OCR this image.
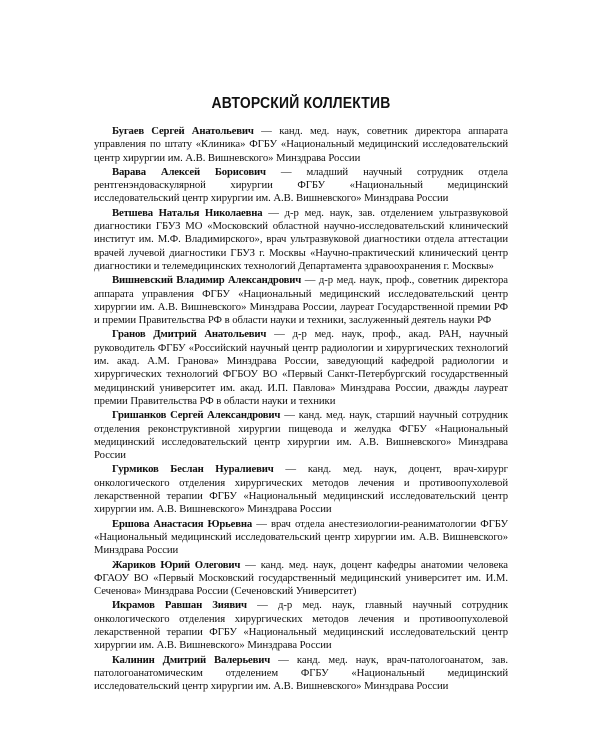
АВТОРСКИЙ КОЛЛЕКТИВ

Бугаев Сергей Анатольевич — канд. мед. наук, советник директора аппарата управления по штату «Клиника» ФГБУ «Национальный медицинский исследовательский центр хирургии им. А.В. Вишневского» Минздрава России

Варава Алексей Борисович — младший научный сотрудник отдела рентгенэндоваскулярной хирургии ФГБУ «Национальный медицинский исследовательский центр хирургии им. А.В. Вишневского» Минздрава России

Ветшева Наталья Николаевна — д-р мед. наук, зав. отделением ультразвуковой диагностики ГБУЗ МО «Московский областной научно-исследовательский клинический институт им. М.Ф. Владимирского», врач ультразвуковой диагностики отдела аттестации врачей лучевой диагностики ГБУЗ г. Москвы «Научно-практический клинический центр диагностики и телемедицинских технологий Департамента здравоохранения г. Москвы»

Вишневский Владимир Александрович — д-р мед. наук, проф., советник директора аппарата управления ФГБУ «Национальный медицинский исследовательский центр хирургии им. А.В. Вишневского» Минздрава России, лауреат Государственной премии РФ и премии Правительства РФ в области науки и техники, заслуженный деятель науки РФ

Гранов Дмитрий Анатольевич — д-р мед. наук, проф., акад. РАН, научный руководитель ФГБУ «Российский научный центр радиологии и хирургических технологий им. акад. А.М. Гранова» Минздрава России, заведующий кафедрой радиологии и хирургических технологий ФГБОУ ВО «Первый Санкт-Петербургский государственный медицинский университет им. акад. И.П. Павлова» Минздрава России, дважды лауреат премии Правительства РФ в области науки и техники

Гришанков Сергей Александрович — канд. мед. наук, старший научный сотрудник отделения реконструктивной хирургии пищевода и желудка ФГБУ «Национальный медицинский исследовательский центр хирургии им. А.В. Вишневского» Минздрава России

Гурмиков Беслан Нуралиевич — канд. мед. наук, доцент, врач-хирург онкологического отделения хирургических методов лечения и противоопухолевой лекарственной терапии ФГБУ «Национальный медицинский исследовательский центр хирургии им. А.В. Вишневского» Минздрава России

Ершова Анастасия Юрьевна — врач отдела анестезиологии-реаниматологии ФГБУ «Национальный медицинский исследовательский центр хирургии им. А.В. Вишневского» Минздрава России

Жариков Юрий Олегович — канд. мед. наук, доцент кафедры анатомии человека ФГАОУ ВО «Первый Московский государственный медицинский университет им. И.М. Сеченова» Минздрава России (Сеченовский Университет)

Икрамов Равшан Зиявич — д-р мед. наук, главный научный сотрудник онкологического отделения хирургических методов лечения и противоопухолевой лекарственной терапии ФГБУ «Национальный медицинский исследовательский центр хирургии им. А.В. Вишневского» Минздрава России

Калинин Дмитрий Валерьевич — канд. мед. наук, врач-патологоанатом, зав. патологоанатомическим отделением ФГБУ «Национальный медицинский исследовательский центр хирургии им. А.В. Вишневского» Минздрава России
